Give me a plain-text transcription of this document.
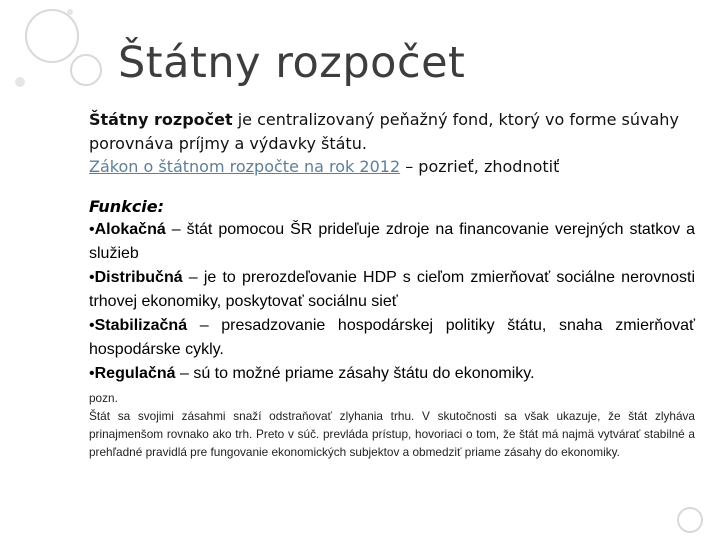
Štátny rozpočet
Štátny rozpočet je centralizovaný peňažný fond, ktorý vo forme súvahy porovnáva príjmy a výdavky štátu.
Zákon o štátnom rozpočte na rok 2012 – pozrieť, zhodnotiť
Funkcie:

•Alokačná – štát pomocou ŠR prideľuje zdroje na financovanie verejných statkov a služieb

•Distribučná – je to prerozdeľovanie HDP s cieľom zmierňovať sociálne nerovnosti trhovej ekonomiky, poskytovať sociálnu sieť

•Stabilizačná – presadzovanie hospodárskej politiky štátu, snaha zmierňovať hospodárske cykly.

•Regulačná – sú to možné priame zásahy štátu do ekonomiky.

pozn.

Štát sa svojimi zásahmi snaží odstraňovať zlyhania trhu. V skutočnosti sa však ukazuje, že štát zlyháva prinajmenšom rovnako ako trh. Preto v súč. prevláda prístup, hovoriaci o tom, že štát má najmä vytvárať stabilné a prehľadné pravidlá pre fungovanie ekonomických subjektov a obmedziť priame zásahy do ekonomiky.
